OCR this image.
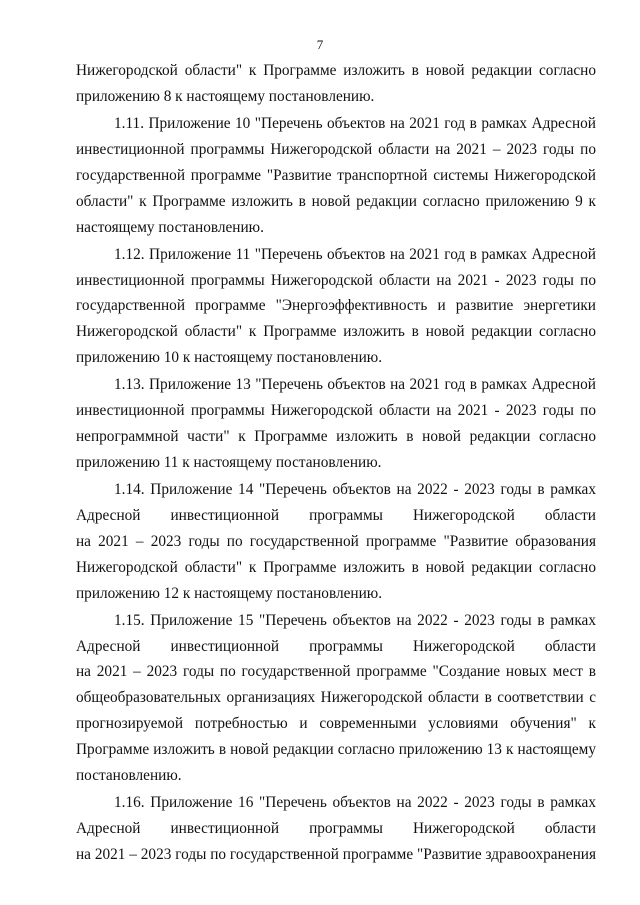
7
Нижегородской области" к Программе изложить в новой редакции согласно
приложению 8 к настоящему постановлению.
1.11. Приложение 10 "Перечень объектов на 2021 год в рамках Адресной
инвестиционной программы Нижегородской области на 2021 – 2023 годы по
государственной программе "Развитие транспортной системы Нижегородской
области" к Программе изложить в новой редакции согласно приложению 9 к
настоящему постановлению.
1.12. Приложение 11 "Перечень объектов на 2021 год в рамках Адресной
инвестиционной программы Нижегородской области на 2021 - 2023 годы по
государственной программе "Энергоэффективность и развитие энергетики
Нижегородской области" к Программе изложить в новой редакции согласно
приложению 10 к настоящему постановлению.
1.13. Приложение 13 "Перечень объектов на 2021 год в рамках Адресной
инвестиционной программы Нижегородской области на 2021 - 2023 годы по
непрограммной части" к Программе изложить в новой редакции согласно
приложению 11 к настоящему постановлению.
1.14. Приложение 14 "Перечень объектов на 2022 - 2023 годы в рамках
Адресной инвестиционной программы Нижегородской области
на 2021 – 2023 годы по государственной программе "Развитие образования
Нижегородской области" к Программе изложить в новой редакции согласно
приложению 12 к настоящему постановлению.
1.15. Приложение 15 "Перечень объектов на 2022 - 2023 годы в рамках
Адресной инвестиционной программы Нижегородской области
на 2021 – 2023 годы по государственной программе "Создание новых мест в
общеобразовательных организациях Нижегородской области в соответствии с
прогнозируемой потребностью и современными условиями обучения" к
Программе изложить в новой редакции согласно приложению 13 к настоящему
постановлению.
1.16. Приложение 16 "Перечень объектов на 2022 - 2023 годы в рамках
Адресной инвестиционной программы Нижегородской области
на 2021 – 2023 годы по государственной программе "Развитие здравоохранения
